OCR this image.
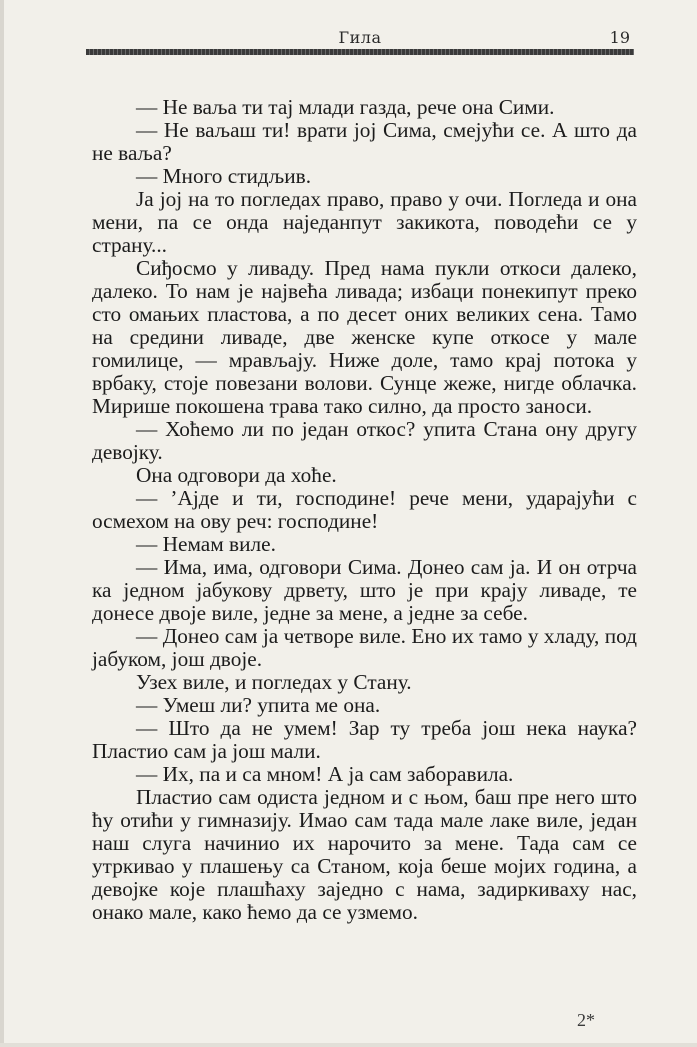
Гила	19

— Не ваља ти тај млади газда, рече она Сими.

— Не ваљаш ти! врати јој Сима, смејући се. А што да не ваља?

— Много стидљив.

Ја јој на то погледах право, право у очи. Погледа и она мени, па се онда наједанпут закикота, поводећи се у страну...

Сиђосмо у ливаду. Пред нама пукли откоси далеко, далеко. То нам је највећа ливада; избаци понекипут преко сто омањих пластова, а по десет оних великих сена. Тамо на средини ливаде, две женске купе откосе у мале гомилице, — мрављају. Ниже доле, тамо крај потока у врбаку, стоје повезани волови. Сунце жеже, нигде облачка. Мирише покошена трава тако силно, да просто заноси.

— Хоћемо ли по један откос? упита Стана ону другу девојку.

Она одговори да хоће.

— ’Ајде и ти, господине! рече мени, ударајући с осмехом на ову реч: господине!

— Немам виле.

— Има, има, одговори Сима. Донео сам ја. И он отрча ка једном јабукову дрвету, што је при крају ливаде, те донесе двоје виле, једне за мене, а једне за себе.

— Донео сам ја четворе виле. Ено их тамо у хладу, под јабуком, још двоје.

Узех виле, и погледах у Стану.

— Умеш ли? упита ме она.

— Што да не умем! Зар ту треба још нека наука? Пластио сам ја још мали.

— Их, па и са мном! А ја сам заборавила.

Пластио сам одиста једном и с њом, баш пре него што ћу отићи у гимназију. Имао сам тада мале лаке виле, један наш слуга начинио их нарочито за мене. Тада сам се утркивао у плашењу са Станом, која беше мојих година, а девојке које плашћаху заједно с нама, задиркиваху нас, онако мале, како ћемо да се узмемо.

2*
